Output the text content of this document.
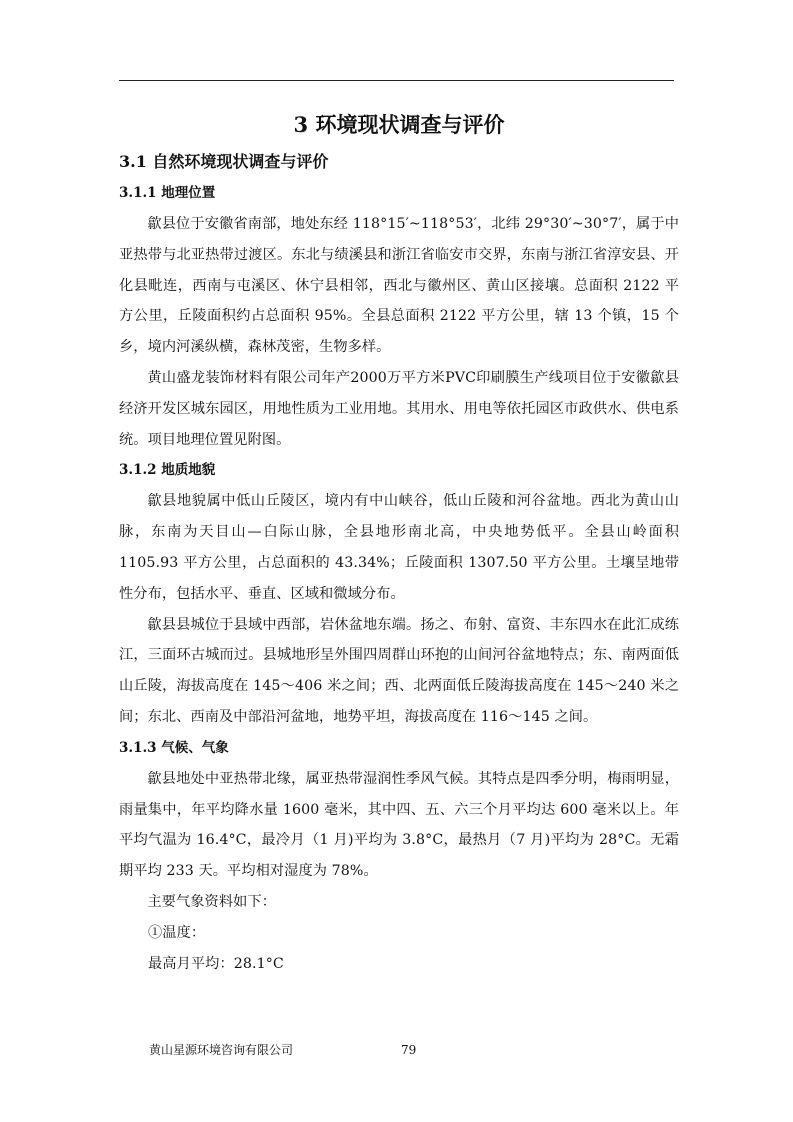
3 环境现状调查与评价
3.1 自然环境现状调查与评价
3.1.1 地理位置

歙县位于安徽省南部，地处东经 118°15′~118°53′，北纬 29°30′~30°7′，属于中亚热带与北亚热带过渡区。东北与绩溪县和浙江省临安市交界，东南与浙江省淳安县、开化县毗连，西南与屯溪区、休宁县相邻，西北与徽州区、黄山区接壤。总面积 2122 平方公里，丘陵面积约占总面积 95%。全县总面积 2122 平方公里，辖 13 个镇，15 个乡，境内河溪纵横，森林茂密，生物多样。

黄山盛龙装饰材料有限公司年产2000万平方米PVC印刷膜生产线项目位于安徽歙县经济开发区城东园区，用地性质为工业用地。其用水、用电等依托园区市政供水、供电系统。项目地理位置见附图。

3.1.2 地质地貌

歙县地貌属中低山丘陵区，境内有中山峡谷，低山丘陵和河谷盆地。西北为黄山山脉，东南为天目山—白际山脉，全县地形南北高，中央地势低平。全县山岭面积 1105.93 平方公里，占总面积的 43.34%；丘陵面积 1307.50 平方公里。土壤呈地带性分布，包括水平、垂直、区域和微域分布。

歙县县城位于县域中西部，岩休盆地东端。扬之、布射、富资、丰东四水在此汇成练江，三面环古城而过。县城地形呈外围四周群山环抱的山间河谷盆地特点；东、南两面低山丘陵，海拔高度在 145～406 米之间；西、北两面低丘陵海拔高度在 145～240 米之间；东北、西南及中部沿河盆地，地势平坦，海拔高度在 116～145 之间。

3.1.3 气候、气象

歙县地处中亚热带北缘，属亚热带湿润性季风气候。其特点是四季分明，梅雨明显，雨量集中，年平均降水量 1600 毫米，其中四、五、六三个月平均达 600 毫米以上。年平均气温为 16.4°C，最冷月（1 月)平均为 3.8°C，最热月（7 月)平均为 28°C。无霜期平均 233 天。平均相对湿度为 78%。

主要气象资料如下：

①温度：

最高月平均：28.1°C

黄山星源环境咨询有限公司	79
